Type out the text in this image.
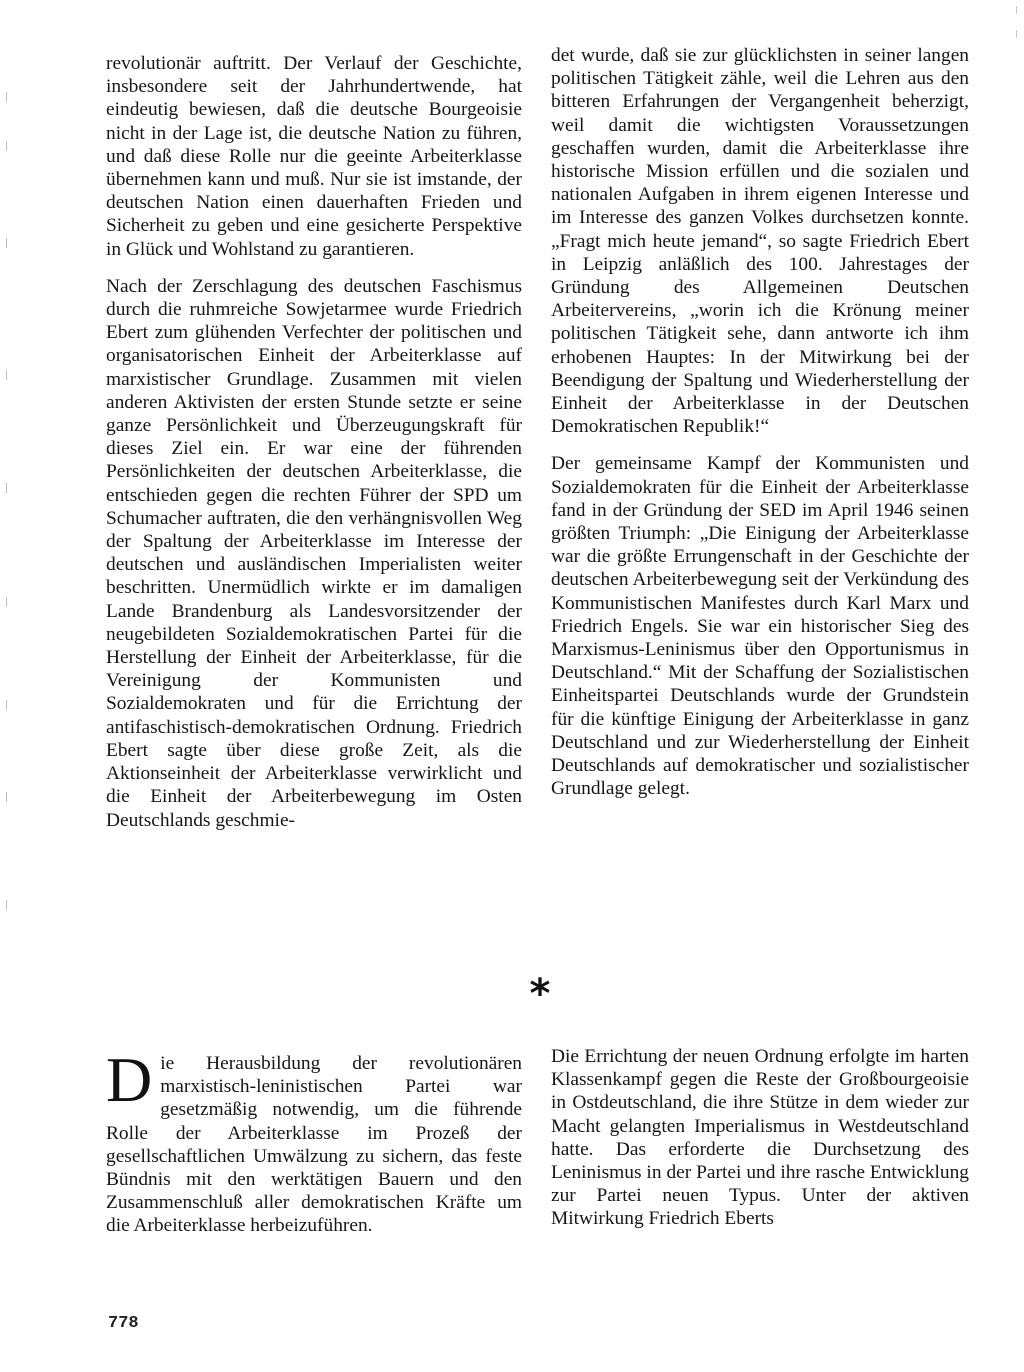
revolutionär auftritt. Der Verlauf der Geschichte, insbesondere seit der Jahrhundertwende, hat eindeutig bewiesen, daß die deutsche Bourgeoisie nicht in der Lage ist, die deutsche Nation zu führen, und daß diese Rolle nur die geeinte Arbeiterklasse übernehmen kann und muß. Nur sie ist imstande, der deutschen Nation einen dauerhaften Frieden und Sicherheit zu geben und eine gesicherte Perspektive in Glück und Wohlstand zu garantieren.

Nach der Zerschlagung des deutschen Faschismus durch die ruhmreiche Sowjetarmee wurde Friedrich Ebert zum glühenden Verfechter der politischen und organisatorischen Einheit der Arbeiterklasse auf marxistischer Grundlage. Zusammen mit vielen anderen Aktivisten der ersten Stunde setzte er seine ganze Persönlichkeit und Überzeugungskraft für dieses Ziel ein. Er war eine der führenden Persönlichkeiten der deutschen Arbeiterklasse, die entschieden gegen die rechten Führer der SPD um Schumacher auftraten, die den verhängnisvollen Weg der Spaltung der Arbeiterklasse im Interesse der deutschen und ausländischen Imperialisten weiter beschritten. Unermüdlich wirkte er im damaligen Lande Brandenburg als Landesvorsitzender der neugebildeten Sozialdemokratischen Partei für die Herstellung der Einheit der Arbeiterklasse, für die Vereinigung der Kommunisten und Sozialdemokraten und für die Errichtung der antifaschistisch-demokratischen Ordnung. Friedrich Ebert sagte über diese große Zeit, als die Aktionseinheit der Arbeiterklasse verwirklicht und die Einheit der Arbeiterbewegung im Osten Deutschlands geschmie-

det wurde, daß sie zur glücklichsten in seiner langen politischen Tätigkeit zähle, weil die Lehren aus den bitteren Erfahrungen der Vergangenheit beherzigt, weil damit die wichtigsten Voraussetzungen geschaffen wurden, damit die Arbeiterklasse ihre historische Mission erfüllen und die sozialen und nationalen Aufgaben in ihrem eigenen Interesse und im Interesse des ganzen Volkes durchsetzen konnte. „Fragt mich heute jemand“, so sagte Friedrich Ebert in Leipzig anläßlich des 100. Jahrestages der Gründung des Allgemeinen Deutschen Arbeitervereins, „worin ich die Krönung meiner politischen Tätigkeit sehe, dann antworte ich ihm erhobenen Hauptes: In der Mitwirkung bei der Beendigung der Spaltung und Wiederherstellung der Einheit der Arbeiterklasse in der Deutschen Demokratischen Republik!“

Der gemeinsame Kampf der Kommunisten und Sozialdemokraten für die Einheit der Arbeiterklasse fand in der Gründung der SED im April 1946 seinen größten Triumph: „Die Einigung der Arbeiterklasse war die größte Errungenschaft in der Geschichte der deutschen Arbeiterbewegung seit der Verkündung des Kommunistischen Manifestes durch Karl Marx und Friedrich Engels. Sie war ein historischer Sieg des Marxismus-Leninismus über den Opportunismus in Deutschland.“ Mit der Schaffung der Sozialistischen Einheitspartei Deutschlands wurde der Grundstein für die künftige Einigung der Arbeiterklasse in ganz Deutschland und zur Wiederherstellung der Einheit Deutschlands auf demokratischer und sozialistischer Grundlage gelegt.

*

Die Herausbildung der revolutionären marxistisch-leninistischen Partei war gesetzmäßig notwendig, um die führende Rolle der Arbeiterklasse im Prozeß der gesellschaftlichen Umwälzung zu sichern, das feste Bündnis mit den werktätigen Bauern und den Zusammenschluß aller demokratischen Kräfte um die Arbeiterklasse herbeizuführen.

Die Errichtung der neuen Ordnung erfolgte im harten Klassenkampf gegen die Reste der Großbourgeoisie in Ostdeutschland, die ihre Stütze in dem wieder zur Macht gelangten Imperialismus in Westdeutschland hatte. Das erforderte die Durchsetzung des Leninismus in der Partei und ihre rasche Entwicklung zur Partei neuen Typus. Unter der aktiven Mitwirkung Friedrich Eberts

778
